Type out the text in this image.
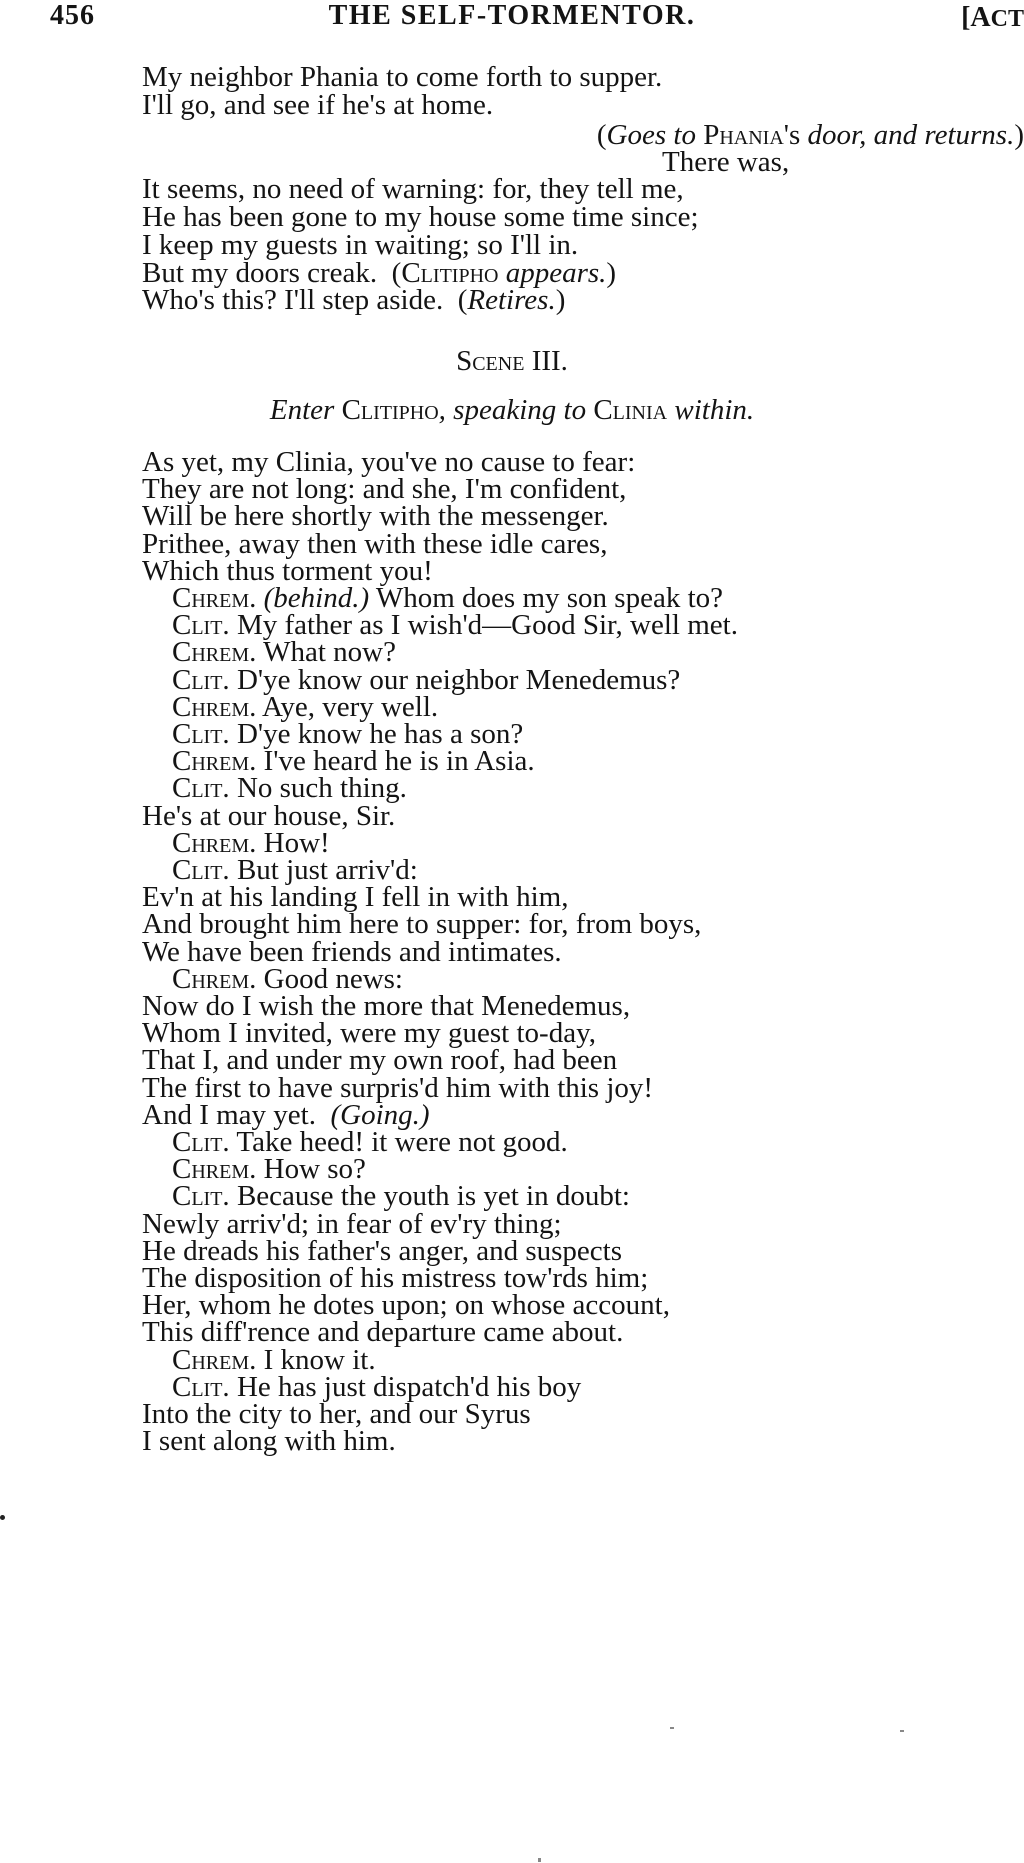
456	THE SELF-TORMENTOR.	[ACT
My neighbor Phania to come forth to supper.
I'll go, and see if he's at home.
(Goes to Phania's door, and returns.)
There was,
It seems, no need of warning: for, they tell me,
He has been gone to my house some time since;
I keep my guests in waiting; so I'll in.
But my doors creak. (Clitipho appears.)
Who's this? I'll step aside. (Retires.)
Scene III.
Enter Clitipho, speaking to Clinia within.
As yet, my Clinia, you've no cause to fear:
They are not long: and she, I'm confident,
Will be here shortly with the messenger.
Prithee, away then with these idle cares,
Which thus torment you!
Chrem. (behind.) Whom does my son speak to?
Clit. My father as I wish'd—Good Sir, well met.
Chrem. What now?
Clit. D'ye know our neighbor Menedemus?
Chrem. Aye, very well.
Clit. D'ye know he has a son?
Chrem. I've heard he is in Asia.
Clit. No such thing.
He's at our house, Sir.
Chrem. How!
Clit. But just arriv'd:
Ev'n at his landing I fell in with him,
And brought him here to supper: for, from boys,
We have been friends and intimates.
Chrem. Good news:
Now do I wish the more that Menedemus,
Whom I invited, were my guest to-day,
That I, and under my own roof, had been
The first to have surpris'd him with this joy!
And I may yet. (Going.)
Clit. Take heed! it were not good.
Chrem. How so?
Clit. Because the youth is yet in doubt:
Newly arriv'd; in fear of ev'ry thing;
He dreads his father's anger, and suspects
The disposition of his mistress tow'rds him;
Her, whom he dotes upon; on whose account,
This diff'rence and departure came about.
Chrem. I know it.
Clit. He has just dispatch'd his boy
Into the city to her, and our Syrus
I sent along with him.
